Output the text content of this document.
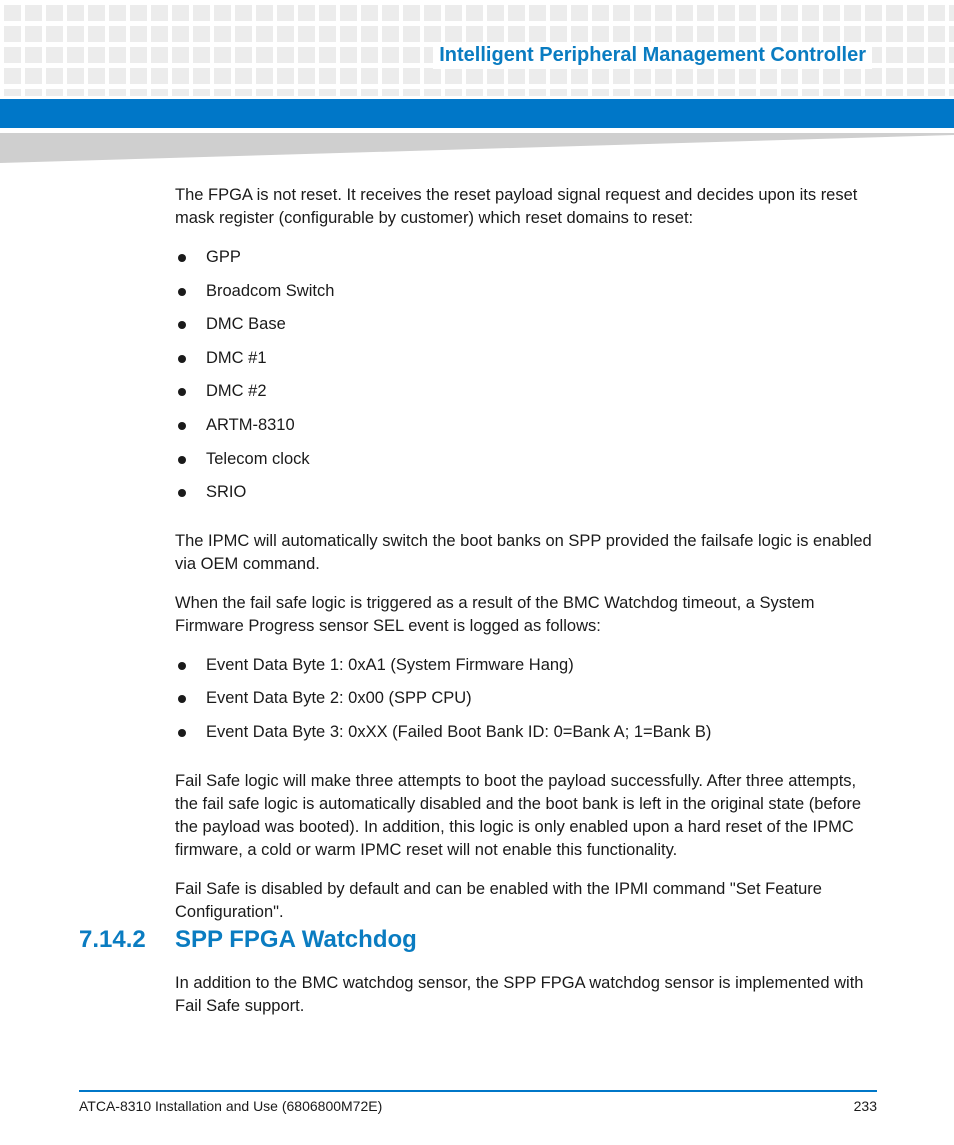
Intelligent Peripheral Management Controller

The FPGA is not reset. It receives the reset payload signal request and decides upon its reset mask register (configurable by customer) which reset domains to reset:

GPP
Broadcom Switch
DMC Base
DMC #1
DMC #2
ARTM-8310
Telecom clock
SRIO

The IPMC will automatically switch the boot banks on SPP provided the failsafe logic is enabled via OEM command.

When the fail safe logic is triggered as a result of the BMC Watchdog timeout, a System Firmware Progress sensor SEL event is logged as follows:

Event Data Byte 1: 0xA1 (System Firmware Hang)
Event Data Byte 2: 0x00 (SPP CPU)
Event Data Byte 3: 0xXX (Failed Boot Bank ID: 0=Bank A; 1=Bank B)

Fail Safe logic will make three attempts to boot the payload successfully. After three attempts, the fail safe logic is automatically disabled and the boot bank is left in the original state (before the payload was booted). In addition, this logic is only enabled upon a hard reset of the IPMC firmware, a cold or warm IPMC reset will not enable this functionality.

Fail Safe is disabled by default and can be enabled with the IPMI command "Set Feature Configuration".

7.14.2 SPP FPGA Watchdog

In addition to the BMC watchdog sensor, the SPP FPGA watchdog sensor is implemented with Fail Safe support.

ATCA-8310 Installation and Use (6806800M72E)	233
